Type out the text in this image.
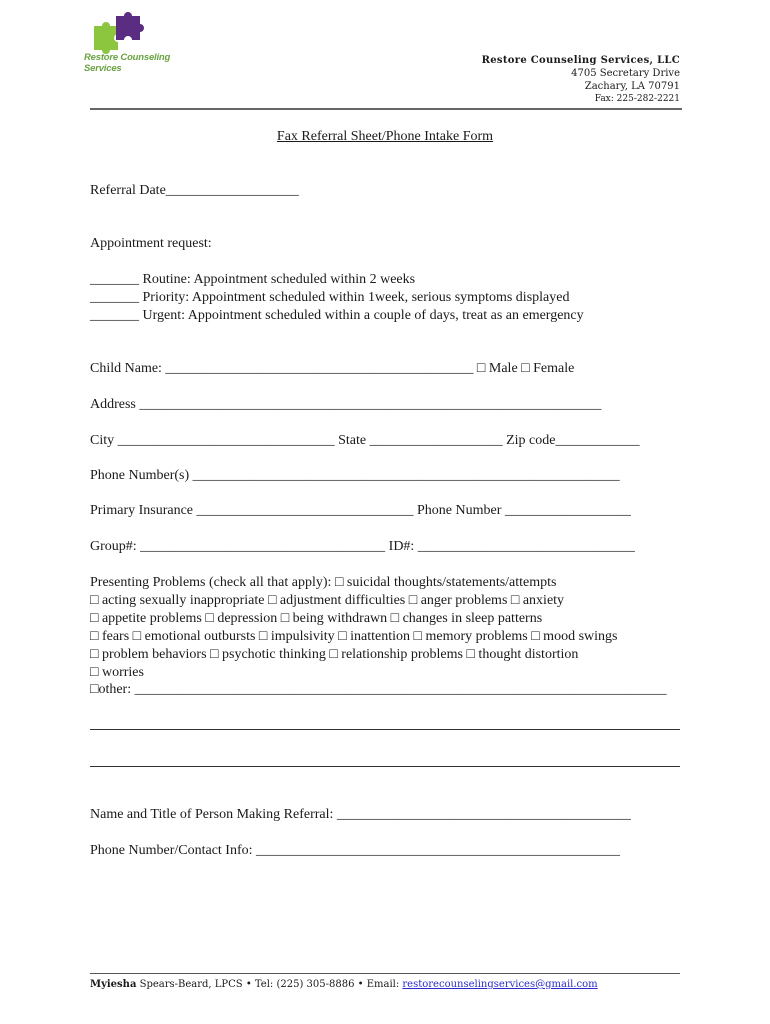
Restore Counseling Services
Restore Counseling Services, LLC
4705 Secretary Drive
Zachary, LA 70791
Fax: 225-282-2221
Fax Referral Sheet/Phone Intake Form
Referral Date___________________
Appointment request:
_______ Routine: Appointment scheduled within 2 weeks
_______ Priority: Appointment scheduled within 1week, serious symptoms displayed
_______ Urgent: Appointment scheduled within a couple of days, treat as an emergency
Child Name: ____________________________________________ □ Male □ Female
Address __________________________________________________________________
City _______________________________ State ___________________ Zip code____________
Phone Number(s) _____________________________________________________________
Primary Insurance _______________________________ Phone Number __________________
Group#: ___________________________________ ID#: _______________________________
Presenting Problems (check all that apply): □ suicidal thoughts/statements/attempts
□ acting sexually inappropriate □ adjustment difficulties □ anger problems □ anxiety
□ appetite problems □ depression □ being withdrawn □ changes in sleep patterns
□ fears □ emotional outbursts □ impulsivity □ inattention □ memory problems □ mood swings
□ problem behaviors □ psychotic thinking □ relationship problems □ thought distortion
□ worries
□other: ____________________________________________________________________________
Name and Title of Person Making Referral: __________________________________________
Phone Number/Contact Info: ____________________________________________________
Myiesha Spears-Beard, LPCS • Tel: (225) 305-8886 • Email: restorecounselingservices@gmail.com
